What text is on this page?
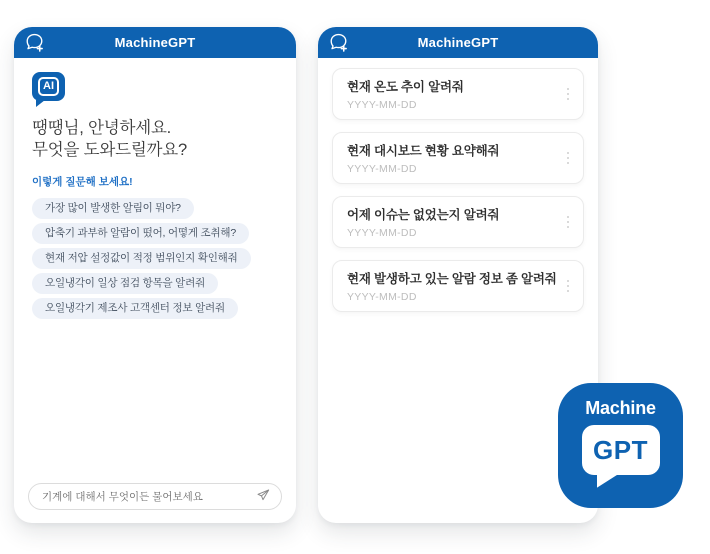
MachineGPT
AI
땡땡님, 안녕하세요.
무엇을 도와드릴까요?
이렇게 질문해 보세요!
가장 많이 발생한 알림이 뭐야?
압축기 과부하 알람이 떴어, 어떻게 조취해?
현재 저압 설정값이 적정 범위인지 확인해줘
오일냉각이 일상 점검 항목을 알려줘
오일냉각기 제조사 고객센터 정보 알려줘
기계에 대해서 무엇이든 물어보세요
MachineGPT
현재 온도 추이 알려줘
YYYY-MM-DD
현재 대시보드 현황 요약해줘
YYYY-MM-DD
어제 이슈는 없었는지 알려줘
YYYY-MM-DD
현재 발생하고 있는 알람 정보 좀 알려줘
YYYY-MM-DD
Machine
GPT
